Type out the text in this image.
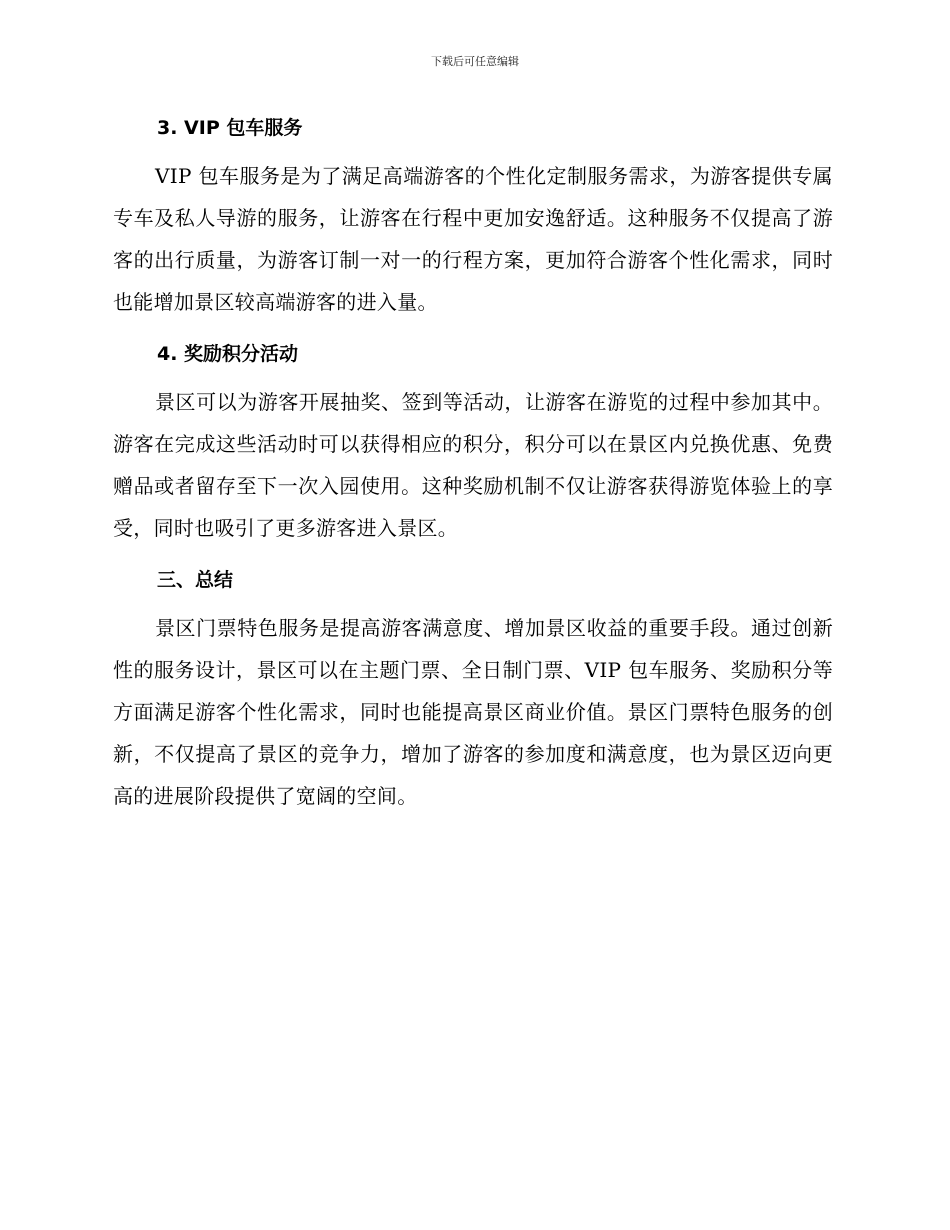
下载后可任意编辑
3. VIP 包车服务

VIP 包车服务是为了满足高端游客的个性化定制服务需求，为游客提供专属专车及私人导游的服务，让游客在行程中更加安逸舒适。这种服务不仅提高了游客的出行质量，为游客订制一对一的行程方案，更加符合游客个性化需求，同时也能增加景区较高端游客的进入量。

4. 奖励积分活动

景区可以为游客开展抽奖、签到等活动，让游客在游览的过程中参加其中。游客在完成这些活动时可以获得相应的积分，积分可以在景区内兑换优惠、免费赠品或者留存至下一次入园使用。这种奖励机制不仅让游客获得游览体验上的享受，同时也吸引了更多游客进入景区。

三、总结

景区门票特色服务是提高游客满意度、增加景区收益的重要手段。通过创新性的服务设计，景区可以在主题门票、全日制门票、VIP 包车服务、奖励积分等方面满足游客个性化需求，同时也能提高景区商业价值。景区门票特色服务的创新，不仅提高了景区的竞争力，增加了游客的参加度和满意度，也为景区迈向更高的进展阶段提供了宽阔的空间。
